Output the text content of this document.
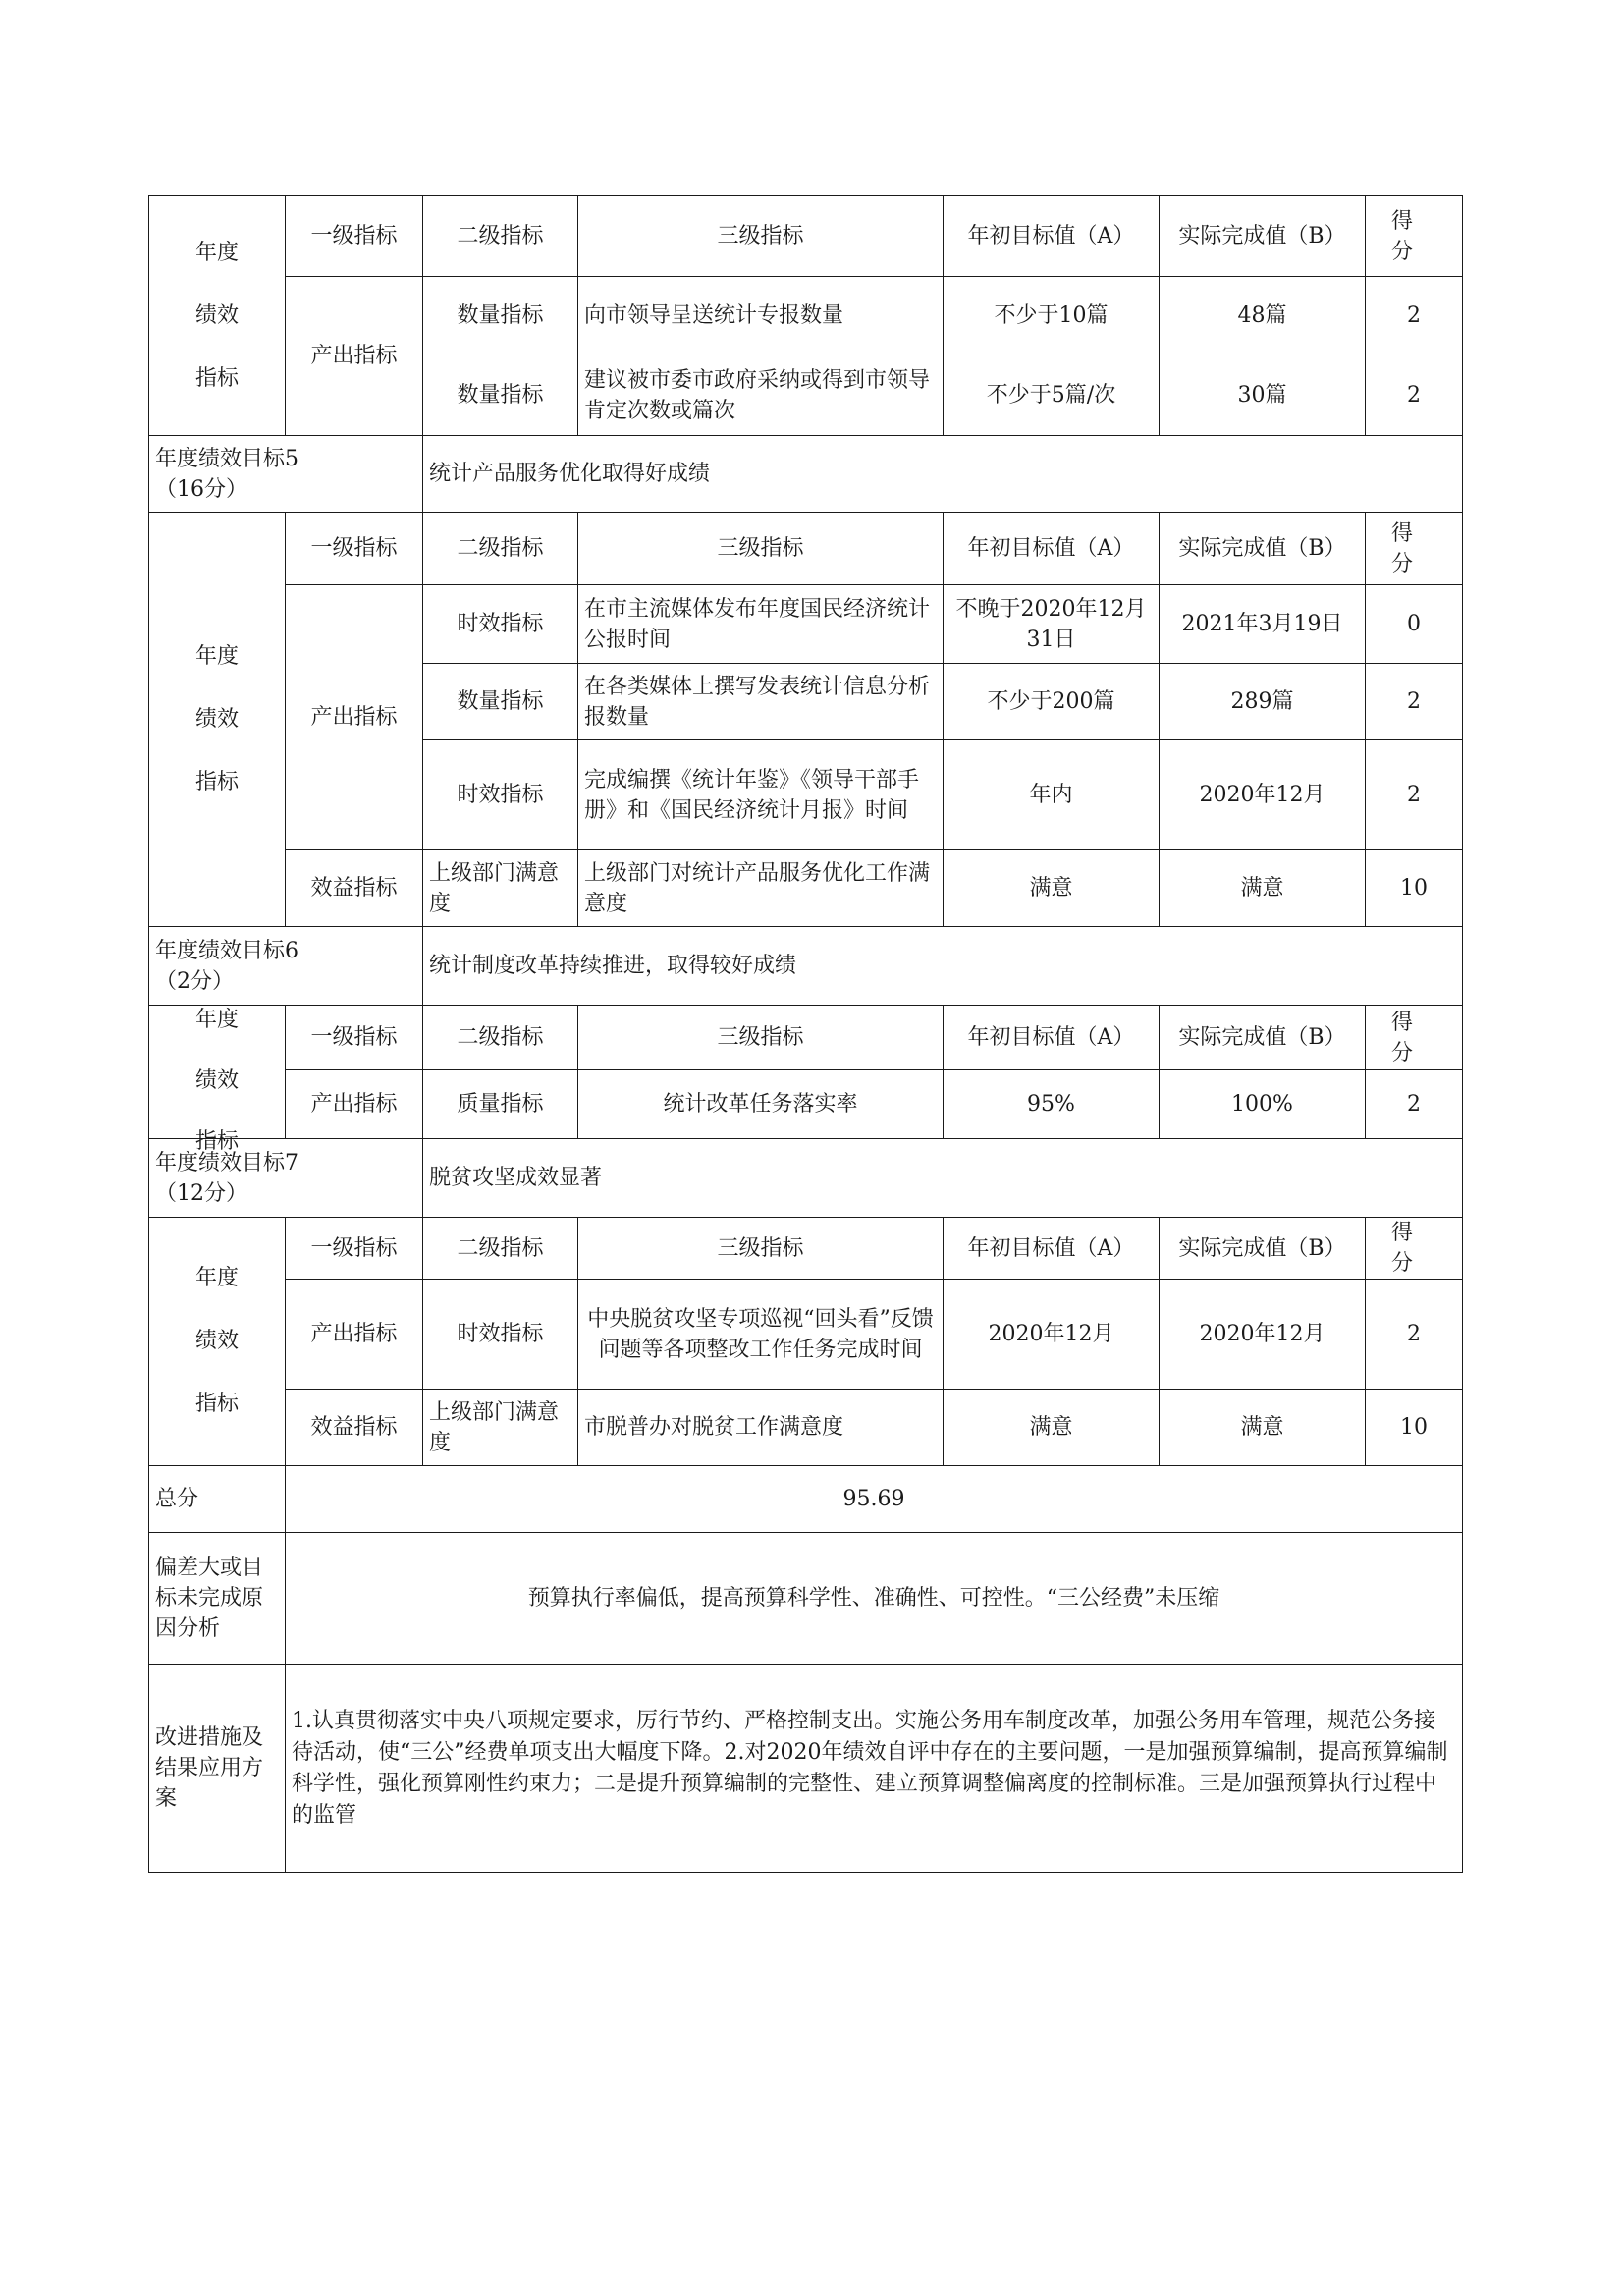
年度
绩效
指标	一级指标	二级指标	三级指标	年初目标值（A）	实际完成值（B）	得 分
	产出指标	数量指标	向市领导呈送统计专报数量	不少于10篇	48篇	2
		数量指标	建议被市委市政府采纳或得到市领导肯定次数或篇次	不少于5篇/次	30篇	2

年度绩效目标5
（16分）		统计产品服务优化取得好成绩				

年度
绩效
指标	一级指标	二级指标	三级指标	年初目标值（A）	实际完成值（B）	得 分
	产出指标	时效指标	在市主流媒体发布年度国民经济统计公报时间	不晚于2020年12月31日	2021年3月19日	0
		数量指标	在各类媒体上撰写发表统计信息分析报数量	不少于200篇	289篇	2
		时效指标	完成编撰《统计年鉴》《领导干部手册》和《国民经济统计月报》时间	年内	2020年12月	2
	效益指标	上级部门满意度	上级部门对统计产品服务优化工作满意度	满意	满意	10

年度绩效目标6
（2分）		统计制度改革持续推进，取得较好成绩				

年度
绩效
指标	一级指标	二级指标	三级指标	年初目标值（A）	实际完成值（B）	得 分
	产出指标	质量指标	统计改革任务落实率	95%	100%	2

年度绩效目标7
（12分）		脱贫攻坚成效显著				

年度
绩效
指标	一级指标	二级指标	三级指标	年初目标值（A）	实际完成值（B）	得 分
	产出指标	时效指标	中央脱贫攻坚专项巡视“回头看”反馈问题等各项整改工作任务完成时间	2020年12月	2020年12月	2
	效益指标	上级部门满意度	市脱普办对脱贫工作满意度	满意	满意	10
总分	95.69					
偏差大或目标未完成原因分析	预算执行率偏低，提高预算科学性、准确性、可控性。“三公经费”未压缩					
改进措施及结果应用方案	1.认真贯彻落实中央八项规定要求，厉行节约、严格控制支出。实施公务用车制度改革，加强公务用车管理，规范公务接待活动，使“三公”经费单项支出大幅度下降。2.对2020年绩效自评中存在的主要问题，一是加强预算编制，提高预算编制科学性，强化预算刚性约束力；二是提升预算编制的完整性、建立预算调整偏离度的控制标准。三是加强预算执行过程中的监管					
